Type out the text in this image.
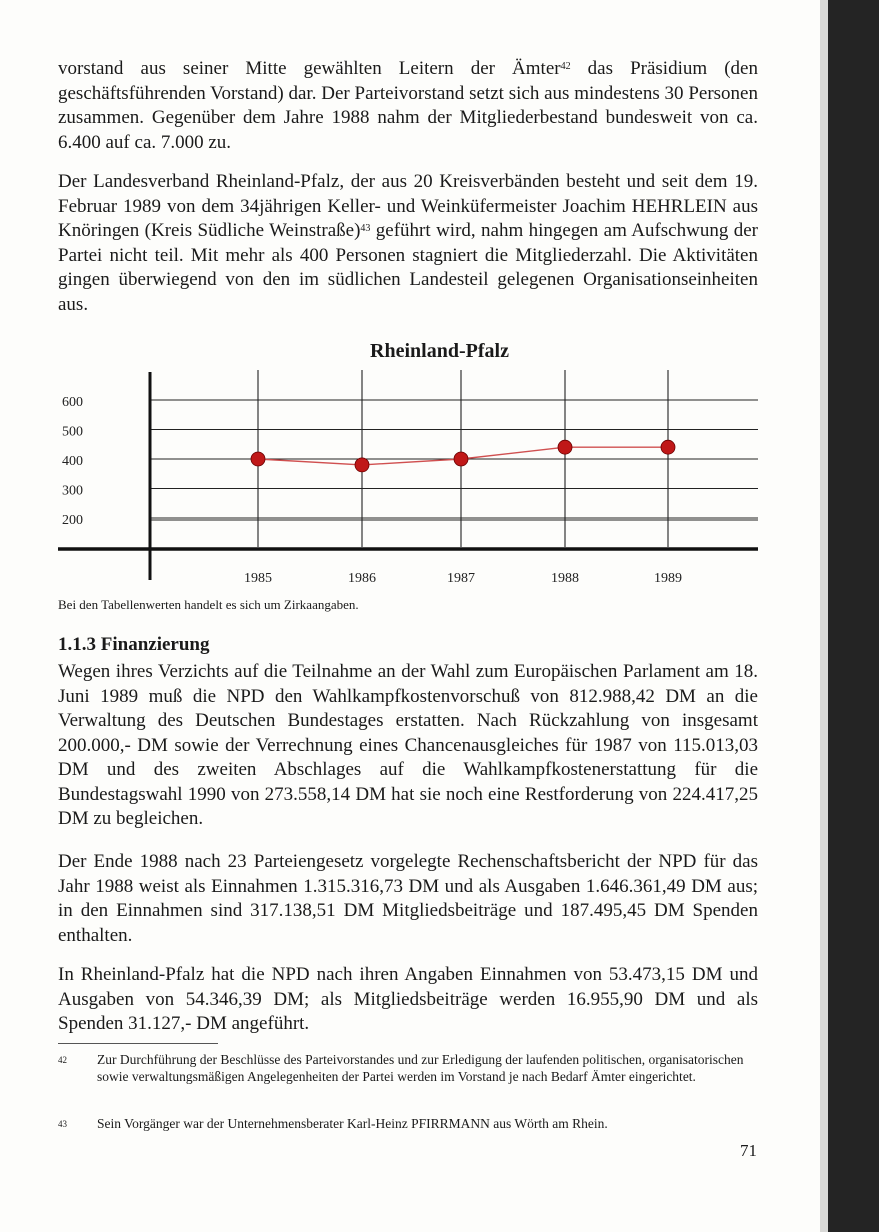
vorstand aus seiner Mitte gewählten Leitern der Ämter$^{42}$ das Präsidium (den geschäftsführenden Vorstand) dar. Der Parteivorstand setzt sich aus mindestens 30 Personen zusammen. Gegenüber dem Jahre 1988 nahm der Mitgliederbestand bundesweit von ca. 6.400 auf ca. 7.000 zu.

Der Landesverband Rheinland-Pfalz, der aus 20 Kreisverbänden besteht und seit dem 19. Februar 1989 von dem 34jährigen Keller- und Weinküfermeister Joachim HEHRLEIN aus Knöringen (Kreis Südliche Weinstraße)$^{43}$ geführt wird, nahm hingegen am Aufschwung der Partei nicht teil. Mit mehr als 400 Personen stagniert die Mitgliederzahl. Die Aktivitäten gingen überwiegend von den im südlichen Landesteil gelegenen Organisationseinheiten aus.

Rheinland-Pfalz
600
500
400
300
200
1985	1986	1987	1988	1989
Bei den Tabellenwerten handelt es sich um Zirkaangaben.
1.1.3 Finanzierung

Wegen ihres Verzichts auf die Teilnahme an der Wahl zum Europäischen Parlament am 18. Juni 1989 muß die NPD den Wahlkampfkostenvorschuß von 812.988,42 DM an die Verwaltung des Deutschen Bundestages erstatten. Nach Rückzahlung von insgesamt 200.000,- DM sowie der Verrechnung eines Chancenausgleiches für 1987 von 115.013,03 DM und des zweiten Abschlages auf die Wahlkampfkostenerstattung für die Bundestagswahl 1990 von 273.558,14 DM hat sie noch eine Restforderung von 224.417,25 DM zu begleichen.

Der Ende 1988 nach 23 Parteiengesetz vorgelegte Rechenschaftsbericht der NPD für das Jahr 1988 weist als Einnahmen 1.315.316,73 DM und als Ausgaben 1.646.361,49 DM aus; in den Einnahmen sind 317.138,51 DM Mitgliedsbeiträge und 187.495,45 DM Spenden enthalten.

In Rheinland-Pfalz hat die NPD nach ihren Angaben Einnahmen von 53.473,15 DM und Ausgaben von 54.346,39 DM; als Mitgliedsbeiträge werden 16.955,90 DM und als Spenden 31.127,- DM angeführt.

42	Zur Durchführung der Beschlüsse des Parteivorstandes und zur Erledigung der laufenden politischen, organisatorischen sowie verwaltungsmäßigen Angelegenheiten der Partei werden im Vorstand je nach Bedarf Ämter eingerichtet.
43	Sein Vorgänger war der Unternehmensberater Karl-Heinz PFIRRMANN aus Wörth am Rhein.
71
